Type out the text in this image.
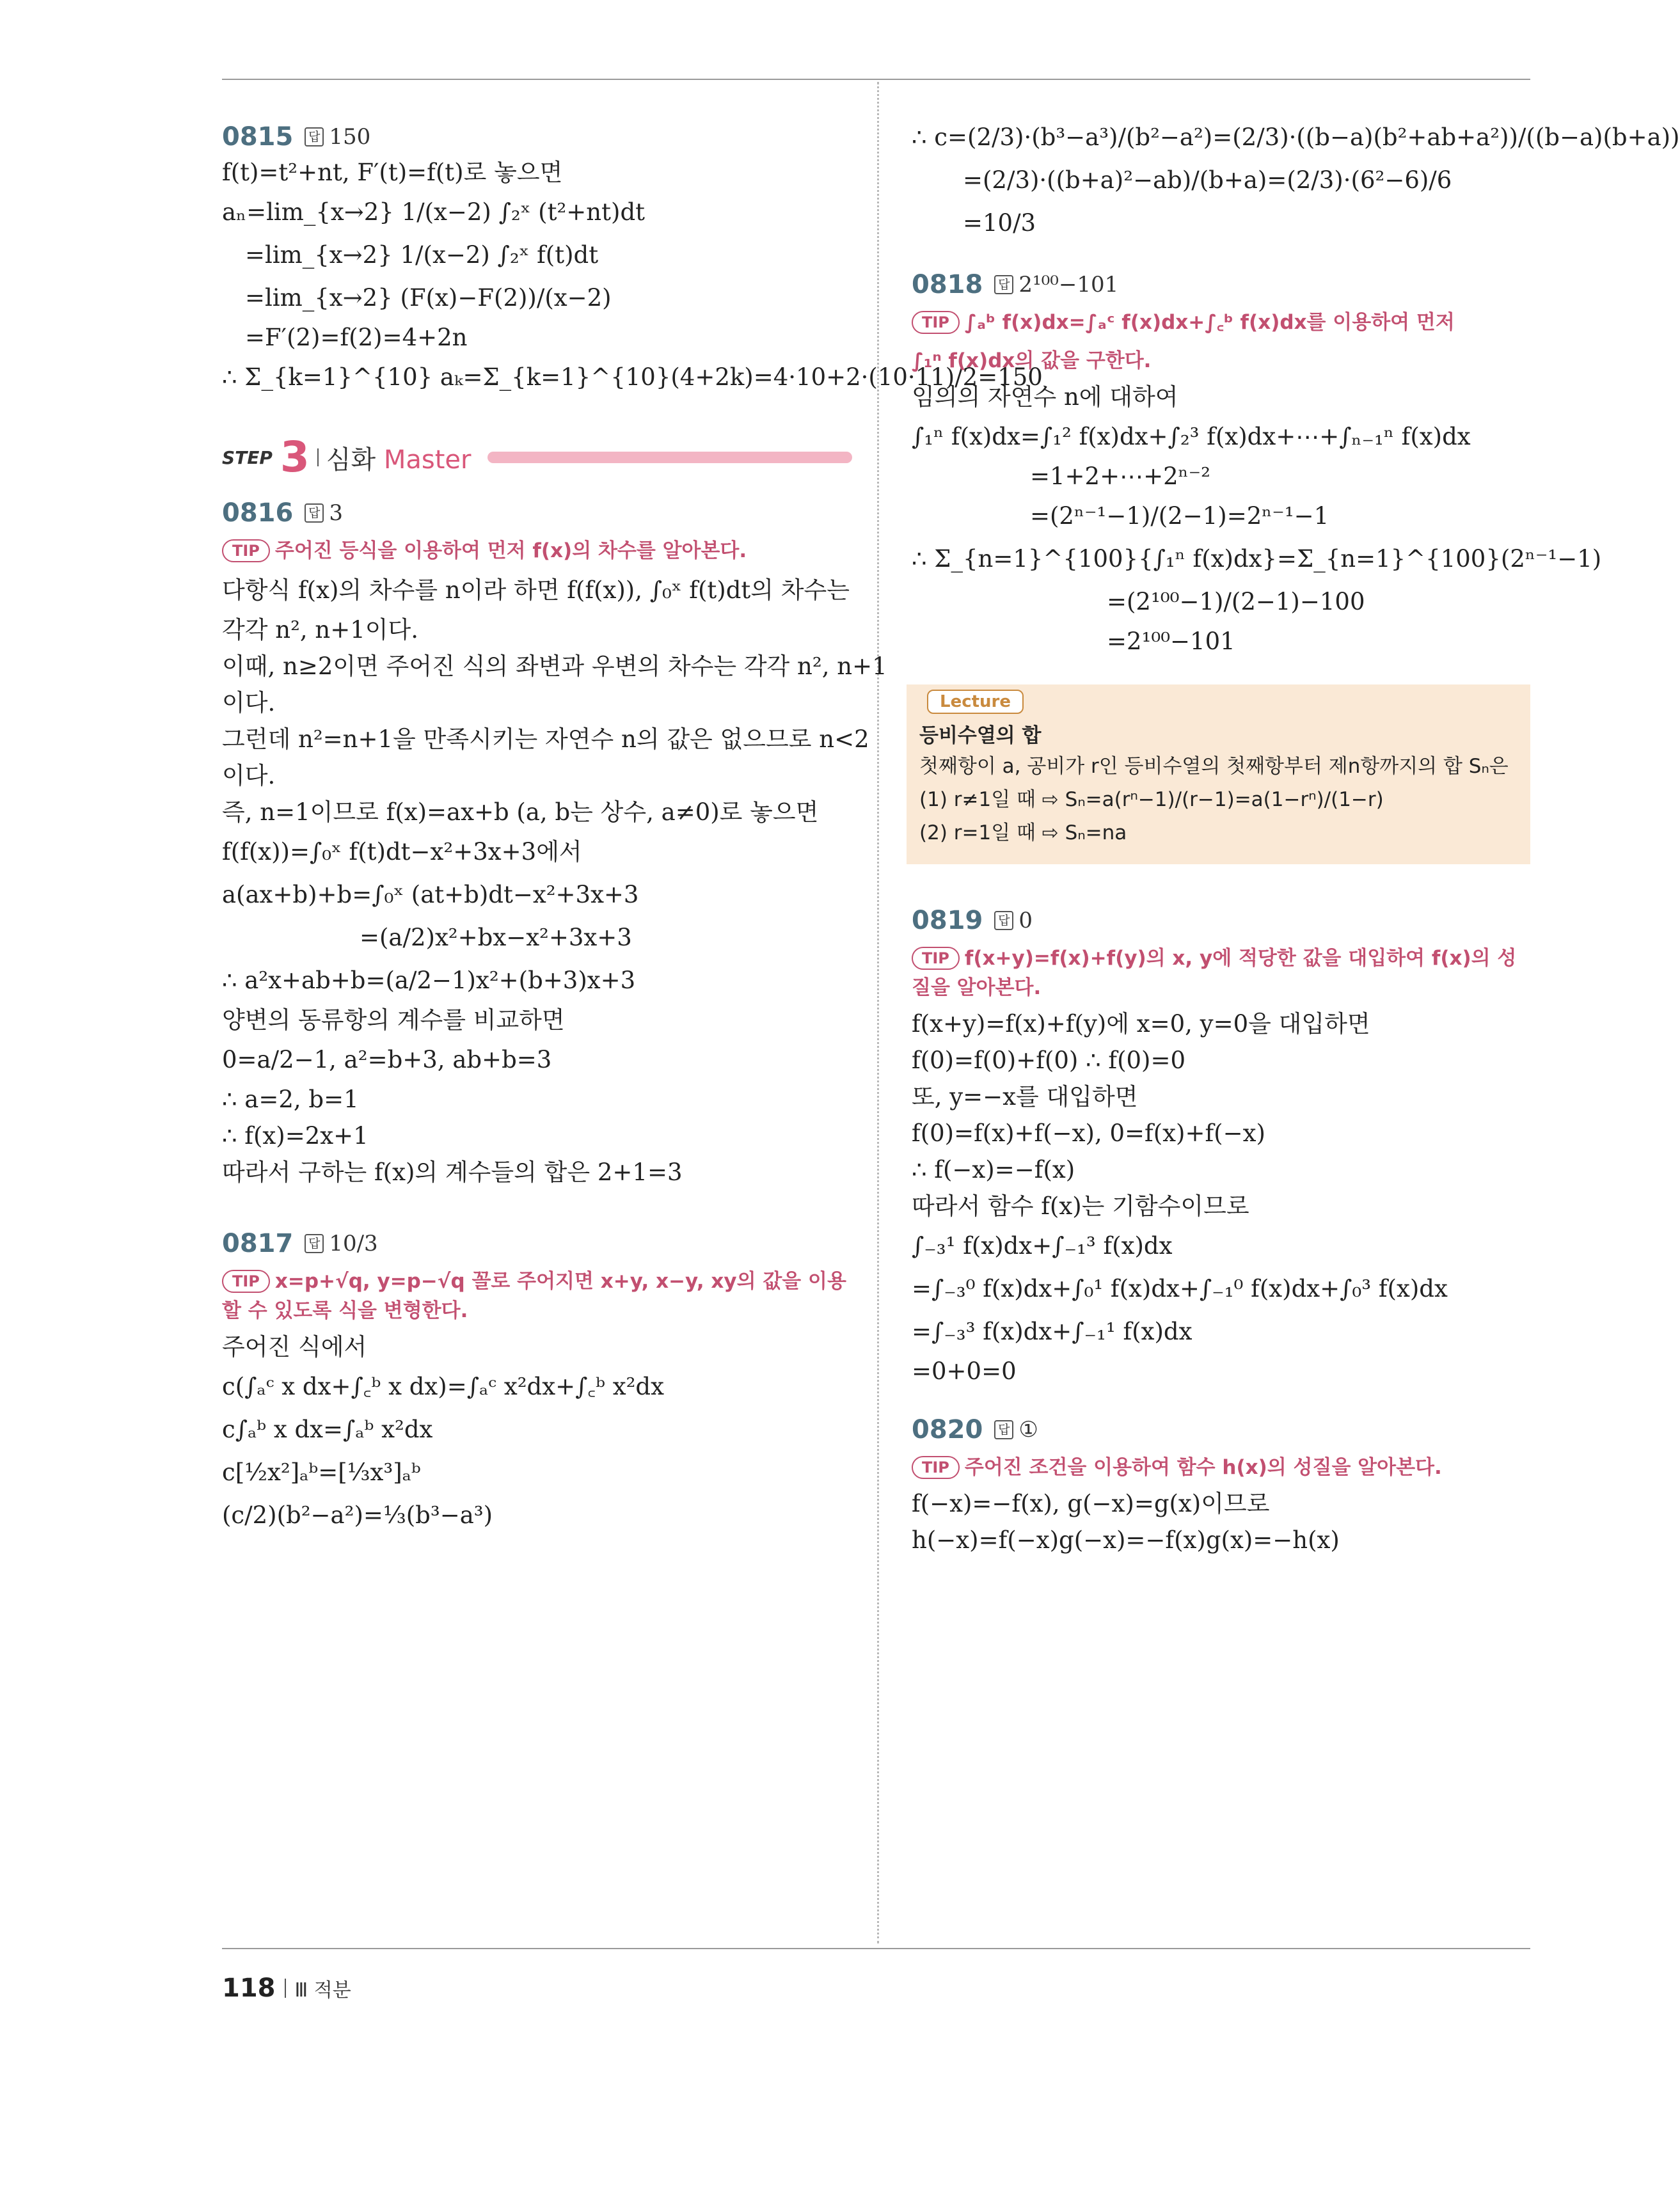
0815	답 150

f(t)=t²+nt, F′(t)=f(t)로 놓으면

aₙ=lim_{x→2} 1/(x−2) ∫₂ˣ (t²+nt)dt

=lim_{x→2} 1/(x−2) ∫₂ˣ f(t)dt

=lim_{x→2} (F(x)−F(2))/(x−2)

=F′(2)=f(2)=4+2n

∴ Σ_{k=1}^{10} aₖ=Σ_{k=1}^{10}(4+2k)=4·10+2·(10·11)/2=150

STEP 3 심화 Master
0816	답 3

TIP 주어진 등식을 이용하여 먼저 f(x)의 차수를 알아본다.

다항식 f(x)의 차수를 n이라 하면 f(f(x)), ∫₀ˣ f(t)dt의 차수는

각각 n², n+1이다.

이때, n≥2이면 주어진 식의 좌변과 우변의 차수는 각각 n², n+1

이다.

그런데 n²=n+1을 만족시키는 자연수 n의 값은 없으므로 n<2

이다.

즉, n=1이므로 f(x)=ax+b (a, b는 상수, a≠0)로 놓으면

f(f(x))=∫₀ˣ f(t)dt−x²+3x+3에서

a(ax+b)+b=∫₀ˣ (at+b)dt−x²+3x+3

=(a/2)x²+bx−x²+3x+3

∴ a²x+ab+b=(a/2−1)x²+(b+3)x+3

양변의 동류항의 계수를 비교하면

0=a/2−1, a²=b+3, ab+b=3

∴ a=2, b=1

∴ f(x)=2x+1

따라서 구하는 f(x)의 계수들의 합은 2+1=3

0817	답 10/3

TIP x=p+√q, y=p−√q 꼴로 주어지면 x+y, x−y, xy의 값을 이용할 수 있도록 식을 변형한다.

주어진 식에서

c(∫ₐᶜ x dx+∫꜀ᵇ x dx)=∫ₐᶜ x²dx+∫꜀ᵇ x²dx

c∫ₐᵇ x dx=∫ₐᵇ x²dx

c[½x²]ₐᵇ=[⅓x³]ₐᵇ

(c/2)(b²−a²)=⅓(b³−a³)

∴ c=(2/3)·(b³−a³)/(b²−a²)=(2/3)·((b−a)(b²+ab+a²))/((b−a)(b+a))

=(2/3)·((b+a)²−ab)/(b+a)=(2/3)·(6²−6)/6

=10/3

0818	답 2¹⁰⁰−101

TIP ∫ₐᵇ f(x)dx=∫ₐᶜ f(x)dx+∫꜀ᵇ f(x)dx를 이용하여 먼저

∫₁ⁿ f(x)dx의 값을 구한다.

임의의 자연수 n에 대하여

∫₁ⁿ f(x)dx=∫₁² f(x)dx+∫₂³ f(x)dx+⋯+∫ₙ₋₁ⁿ f(x)dx

=1+2+⋯+2ⁿ⁻²

=(2ⁿ⁻¹−1)/(2−1)=2ⁿ⁻¹−1

∴ Σ_{n=1}^{100}{∫₁ⁿ f(x)dx}=Σ_{n=1}^{100}(2ⁿ⁻¹−1)

=(2¹⁰⁰−1)/(2−1)−100

=2¹⁰⁰−101

Lecture

등비수열의 합

첫째항이 a, 공비가 r인 등비수열의 첫째항부터 제n항까지의 합 Sₙ은

(1) r≠1일 때 ⇨ Sₙ=a(rⁿ−1)/(r−1)=a(1−rⁿ)/(1−r)

(2) r=1일 때 ⇨ Sₙ=na

0819	답 0

TIP f(x+y)=f(x)+f(y)의 x, y에 적당한 값을 대입하여 f(x)의 성질을 알아본다.

f(x+y)=f(x)+f(y)에 x=0, y=0을 대입하면

f(0)=f(0)+f(0) ∴ f(0)=0

또, y=−x를 대입하면

f(0)=f(x)+f(−x), 0=f(x)+f(−x)

∴ f(−x)=−f(x)

따라서 함수 f(x)는 기함수이므로

∫₋₃¹ f(x)dx+∫₋₁³ f(x)dx

=∫₋₃⁰ f(x)dx+∫₀¹ f(x)dx+∫₋₁⁰ f(x)dx+∫₀³ f(x)dx

=∫₋₃³ f(x)dx+∫₋₁¹ f(x)dx

=0+0=0

0820	답 ①

TIP 주어진 조건을 이용하여 함수 h(x)의 성질을 알아본다.

f(−x)=−f(x), g(−x)=g(x)이므로

h(−x)=f(−x)g(−x)=−f(x)g(x)=−h(x)

118 Ⅲ 적분
